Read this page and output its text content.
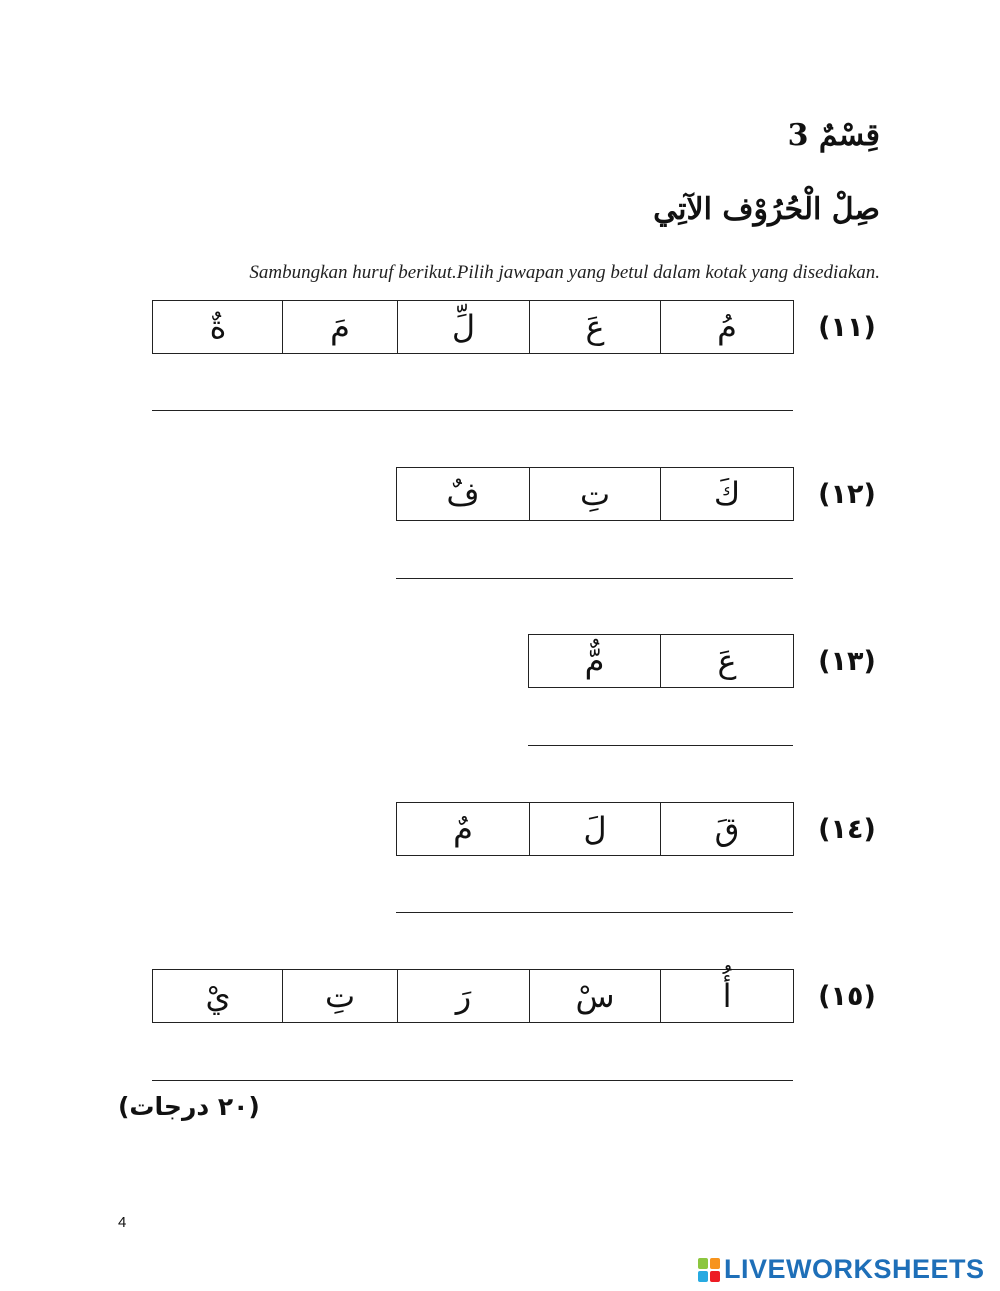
قِسْمٌ 3
صِلْ الْحُرُوْف الآتِي
Sambungkan huruf berikut.Pilih jawapan yang betul dalam kotak yang disediakan.
(١١)
مُ
عَ
لِّ
مَ
ةٌ
(١٢)
كَ
تِ
فٌ
(١٣)
عَ
مٌّ
(١٤)
قَ
لَ
مٌ
(١٥)
أُ
سْ
رَ
تِ
يْ
(٢٠ درجات)
4
LIVEWORKSHEETS
